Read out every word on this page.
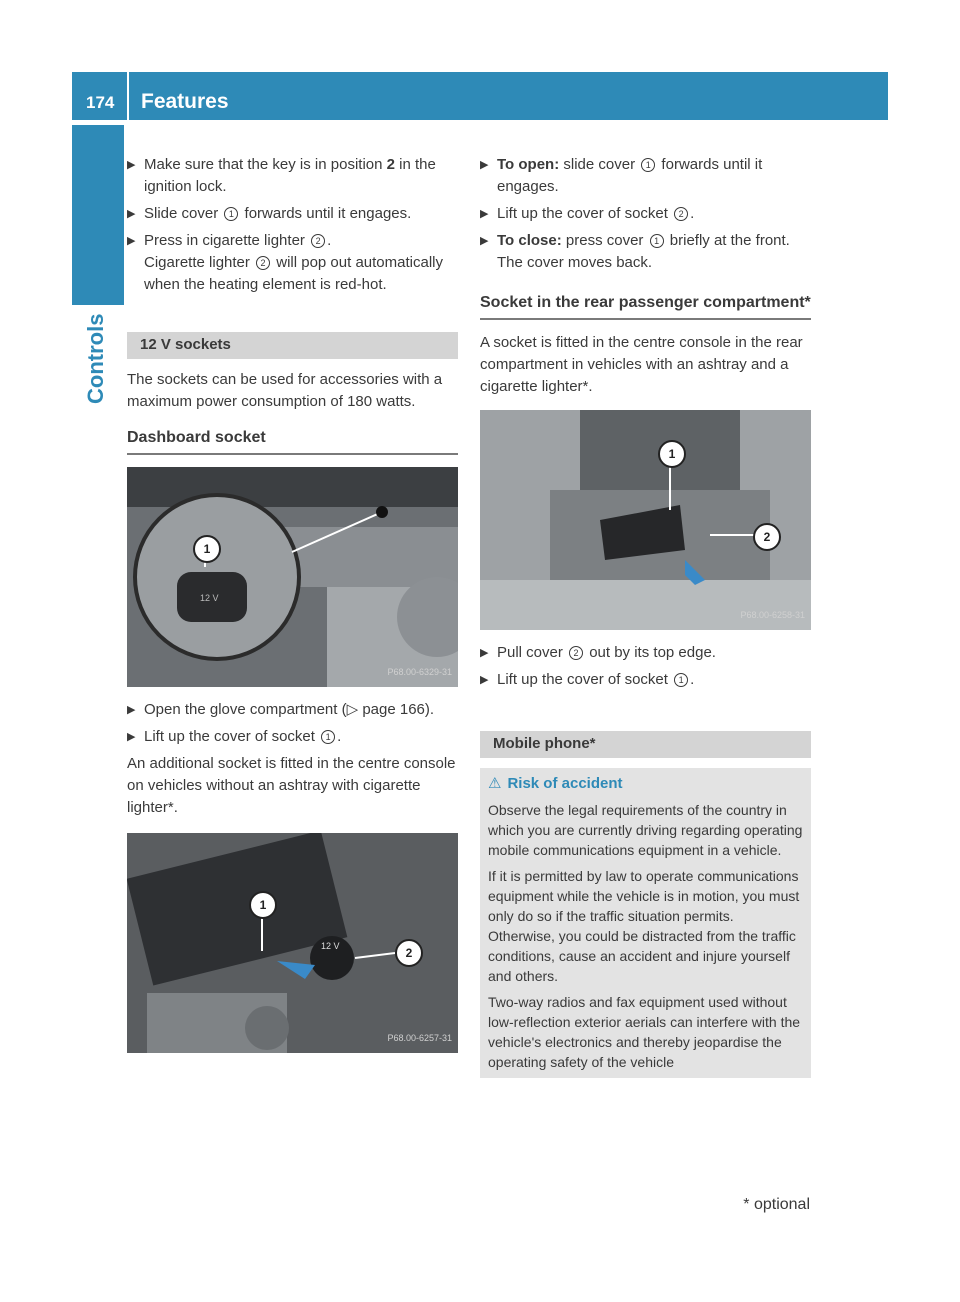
174 Features
Controls
▶ Make sure that the key is in position 2 in the ignition lock.
▶ Slide cover 1 forwards until it engages.
▶ Press in cigarette lighter 2 .
Cigarette lighter 2 will pop out automatically when the heating element is red-hot.
12 V sockets

The sockets can be used for accessories with a maximum power consumption of 180 watts.

Dashboard socket
12 V
1
P68.00-6329-31
▶ Open the glove compartment (▷ page 166).
▶ Lift up the cover of socket 1 .

An additional socket is fitted in the centre console on vehicles without an ashtray with cigarette lighter*.

12 V
1
2
P68.00-6257-31
▶ To open: slide cover 1 forwards until it engages.
▶ Lift up the cover of socket 2 .
▶ To close: press cover 1 briefly at the front.
The cover moves back.
Socket in the rear passenger compartment*

A socket is fitted in the centre console in the rear compartment in vehicles with an ashtray and a cigarette lighter*.

1
2
P68.00-6258-31
▶ Pull cover 2 out by its top edge.
▶ Lift up the cover of socket 1 .
Mobile phone*
⚠ Risk of accident

Observe the legal requirements of the country in which you are currently driving regarding operating mobile communications equipment in a vehicle.

If it is permitted by law to operate communications equipment while the vehicle is in motion, you must only do so if the traffic situation permits. Otherwise, you could be distracted from the traffic conditions, cause an accident and injure yourself and others.

Two-way radios and fax equipment used without low-reflection exterior aerials can interfere with the vehicle's electronics and thereby jeopardise the operating safety of the vehicle

* optional
